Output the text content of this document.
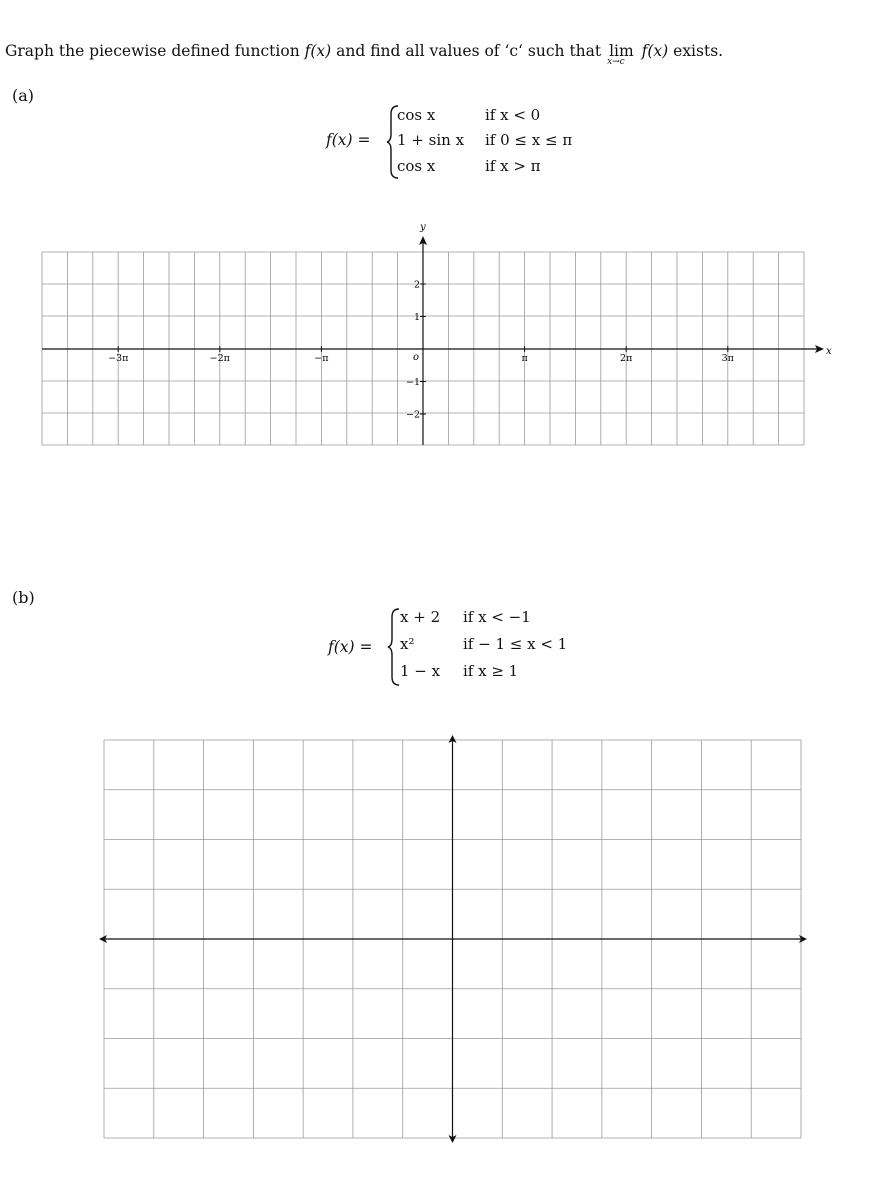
Graph the piecewise defined function f(x) and find all values of ‘c‘ such that lim
x→c
f(x) exists.
(a)
f(x) =
cos x	if x < 0
1 + sin x if 0 ≤ x ≤ π
cos x	if x > π
x
y
o
−3π	−2π	−π	π	2π	3π
2
1
−1
−2
(b)
f(x) =
x + 2 if x < −1
x²	if − 1 ≤ x < 1
1 − x if x ≥ 1
